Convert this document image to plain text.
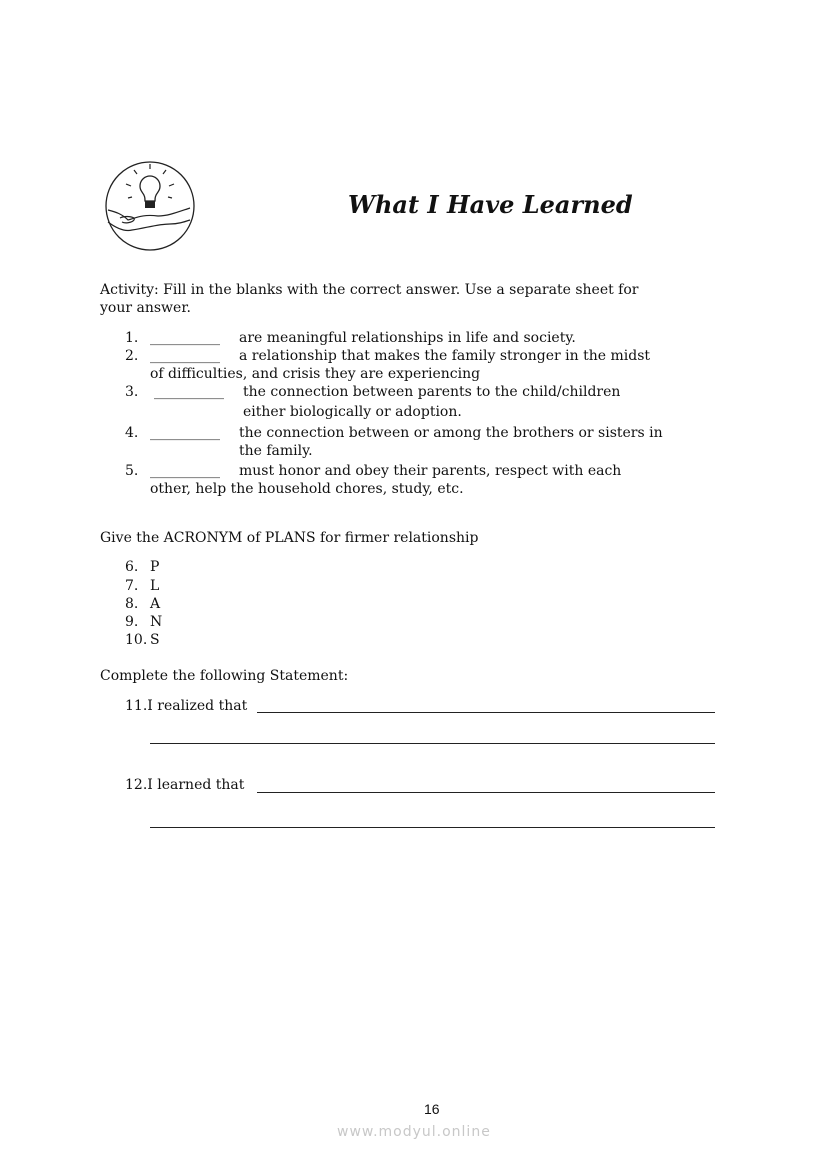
What I Have Learned
Activity: Fill in the blanks with the correct answer. Use a separate sheet for
your answer.
1. __________ are meaningful relationships in life and society.
2. __________ a relationship that makes the family stronger in the midst
of difficulties, and crisis they are experiencing
3. __________ the connection between parents to the child/children
either biologically or adoption.
4. __________ the connection between or among the brothers or sisters in
the family.
5. __________ must honor and obey their parents, respect with each
other, help the household chores, study, etc.
Give the ACRONYM of PLANS for firmer relationship
6. P
7. L
8. A
9. N
10. S
Complete the following Statement:
11.I realized that
12.I learned that
16
www.modyul.online
